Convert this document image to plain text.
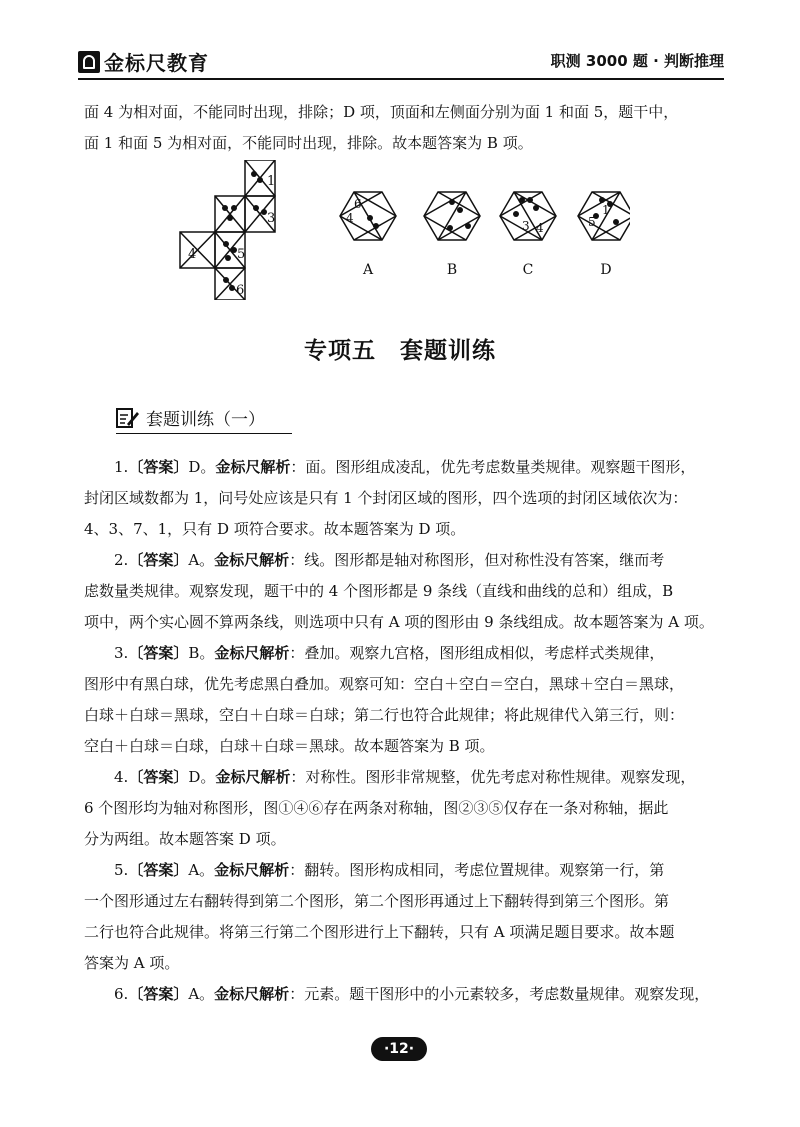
金标尺教育	职测 3000 题 · 判断推理

面 4 为相对面，不能同时出现，排除；D 项，顶面和左侧面分别为面 1 和面 5，题干中，
面 1 和面 5 为相对面，不能同时出现，排除。故本题答案为 B 项。

1
3
4	5
6
6
4
3 4
1
5
A	B	C	D
专项五　套题训练
套题训练（一）

1.〔答案〕D。金标尺解析：面。图形组成凌乱，优先考虑数量类规律。观察题干图形，
封闭区域数都为 1，问号处应该是只有 1 个封闭区域的图形，四个选项的封闭区域依次为：
4、3、7、1，只有 D 项符合要求。故本题答案为 D 项。

2.〔答案〕A。金标尺解析：线。图形都是轴对称图形，但对称性没有答案，继而考
虑数量类规律。观察发现，题干中的 4 个图形都是 9 条线（直线和曲线的总和）组成，B
项中，两个实心圆不算两条线，则选项中只有 A 项的图形由 9 条线组成。故本题答案为 A 项。

3.〔答案〕B。金标尺解析：叠加。观察九宫格，图形组成相似，考虑样式类规律，
图形中有黑白球，优先考虑黑白叠加。观察可知：空白＋空白＝空白，黑球＋空白＝黑球，
白球＋白球＝黑球，空白＋白球＝白球；第二行也符合此规律；将此规律代入第三行，则：
空白＋白球＝白球，白球＋白球＝黑球。故本题答案为 B 项。

4.〔答案〕D。金标尺解析：对称性。图形非常规整，优先考虑对称性规律。观察发现，
6 个图形均为轴对称图形，图①④⑥存在两条对称轴，图②③⑤仅存在一条对称轴，据此
分为两组。故本题答案 D 项。

5.〔答案〕A。金标尺解析：翻转。图形构成相同，考虑位置规律。观察第一行，第
一个图形通过左右翻转得到第二个图形，第二个图形再通过上下翻转得到第三个图形。第
二行也符合此规律。将第三行第二个图形进行上下翻转，只有 A 项满足题目要求。故本题
答案为 A 项。

6.〔答案〕A。金标尺解析：元素。题干图形中的小元素较多，考虑数量规律。观察发现，

·12·
